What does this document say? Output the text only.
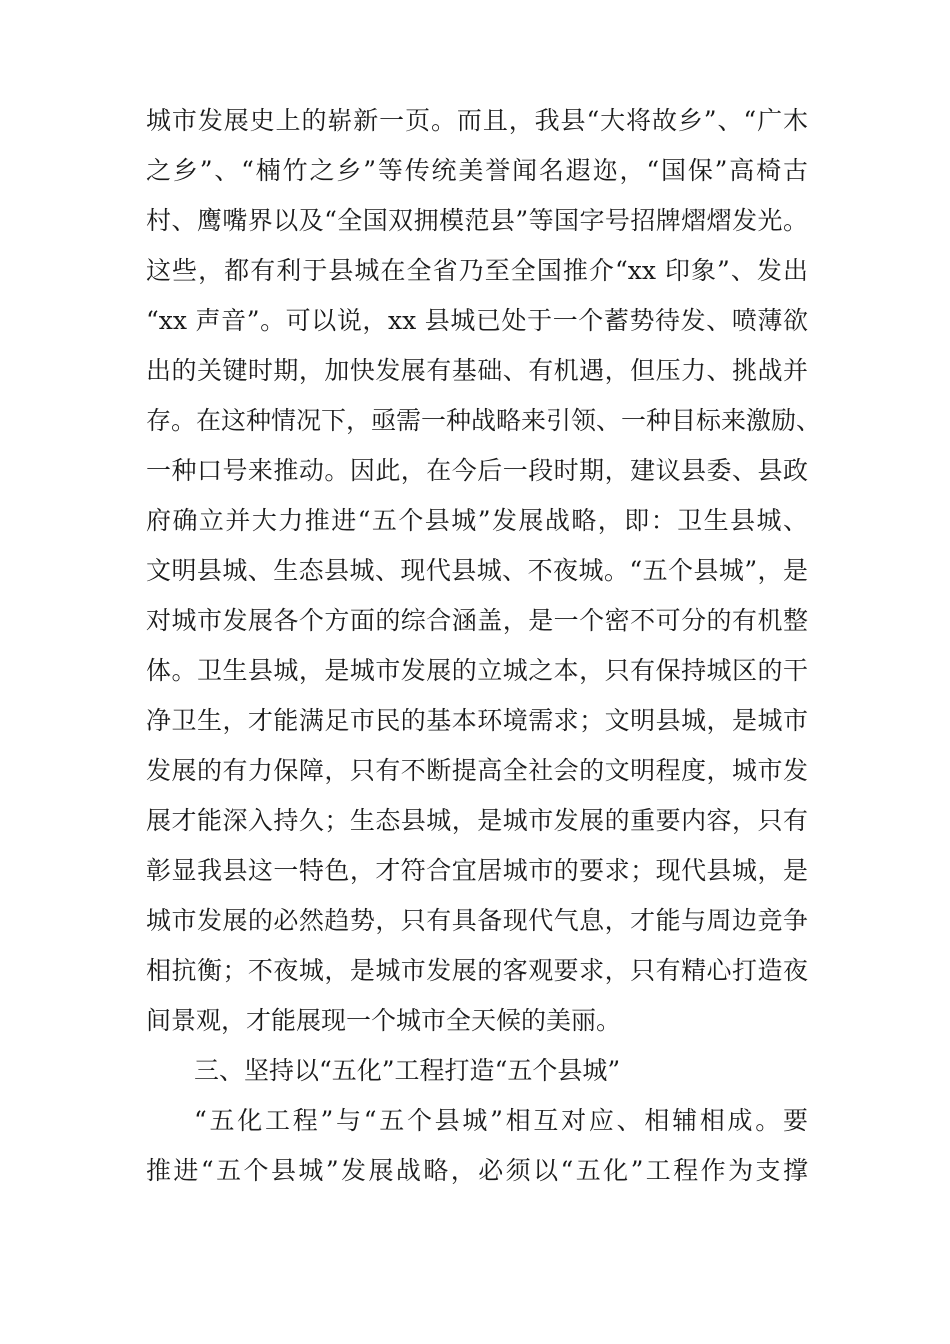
城市发展史上的崭新一页。而且，我县“大将故乡”、“广木
之乡”、“楠竹之乡”等传统美誉闻名遐迩，“国保”高椅古
村、鹰嘴界以及“全国双拥模范县”等国字号招牌熠熠发光。
这些，都有利于县城在全省乃至全国推介“xx 印象”、发出
“xx 声音”。可以说，xx 县城已处于一个蓄势待发、喷薄欲
出的关键时期，加快发展有基础、有机遇，但压力、挑战并
存。在这种情况下，亟需一种战略来引领、一种目标来激励、
一种口号来推动。因此，在今后一段时期，建议县委、县政
府确立并大力推进“五个县城”发展战略，即：卫生县城、
文明县城、生态县城、现代县城、不夜城。“五个县城”，是
对城市发展各个方面的综合涵盖，是一个密不可分的有机整
体。卫生县城，是城市发展的立城之本，只有保持城区的干
净卫生，才能满足市民的基本环境需求；文明县城，是城市
发展的有力保障，只有不断提高全社会的文明程度，城市发
展才能深入持久；生态县城，是城市发展的重要内容，只有
彰显我县这一特色，才符合宜居城市的要求；现代县城，是
城市发展的必然趋势，只有具备现代气息，才能与周边竞争
相抗衡；不夜城，是城市发展的客观要求，只有精心打造夜
间景观，才能展现一个城市全天候的美丽。
三、坚持以“五化”工程打造“五个县城”
“五化工程”与“五个县城”相互对应、相辅相成。要
推进“五个县城”发展战略，必须以“五化”工程作为支撑
